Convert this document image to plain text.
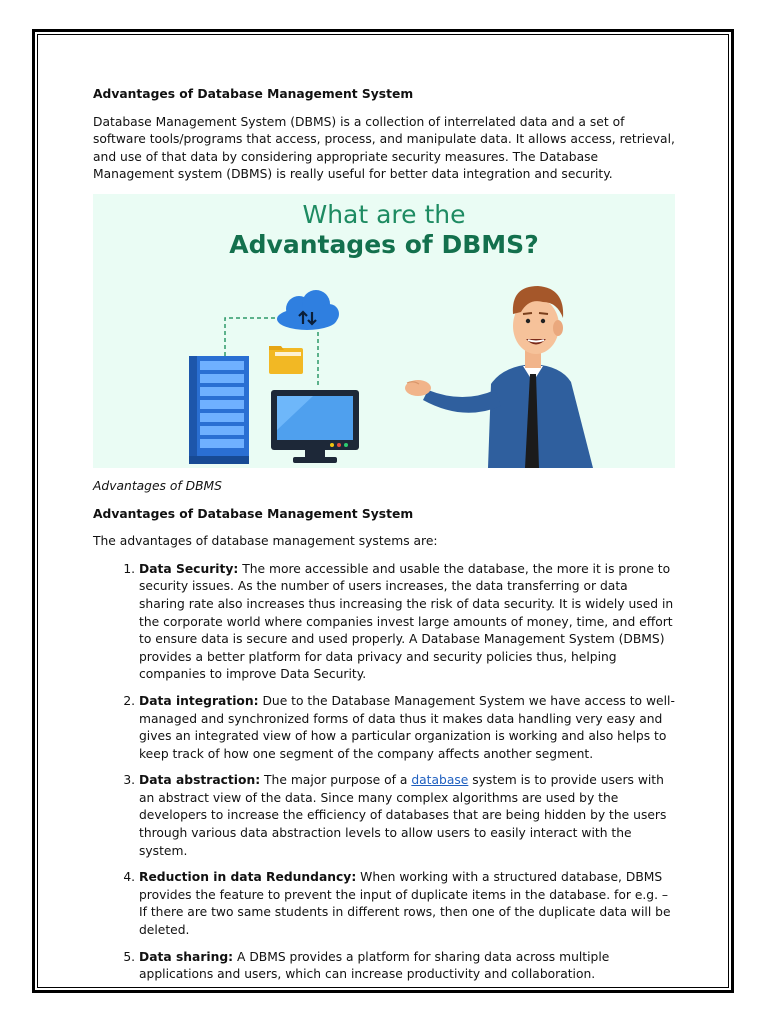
Advantages of Database Management System

Database Management System (DBMS) is a collection of interrelated data and a set of software tools/programs that access, process, and manipulate data. It allows access, retrieval, and use of that data by considering appropriate security measures. The Database Management system (DBMS) is really useful for better data integration and security.

What are the
Advantages of DBMS?
Advantages of DBMS
Advantages of Database Management System

The advantages of database management systems are:

1. Data Security: The more accessible and usable the database, the more it is prone to security issues. As the number of users increases, the data transferring or data sharing rate also increases thus increasing the risk of data security. It is widely used in the corporate world where companies invest large amounts of money, time, and effort to ensure data is secure and used properly. A Database Management System (DBMS) provides a better platform for data privacy and security policies thus, helping companies to improve Data Security.
2. Data integration: Due to the Database Management System we have access to well-managed and synchronized forms of data thus it makes data handling very easy and gives an integrated view of how a particular organization is working and also helps to keep track of how one segment of the company affects another segment.
3. Data abstraction: The major purpose of a database system is to provide users with an abstract view of the data. Since many complex algorithms are used by the developers to increase the efficiency of databases that are being hidden by the users through various data abstraction levels to allow users to easily interact with the system.
4. Reduction in data Redundancy: When working with a structured database, DBMS provides the feature to prevent the input of duplicate items in the database. for e.g. – If there are two same students in different rows, then one of the duplicate data will be deleted.
5. Data sharing: A DBMS provides a platform for sharing data across multiple applications and users, which can increase productivity and collaboration.
